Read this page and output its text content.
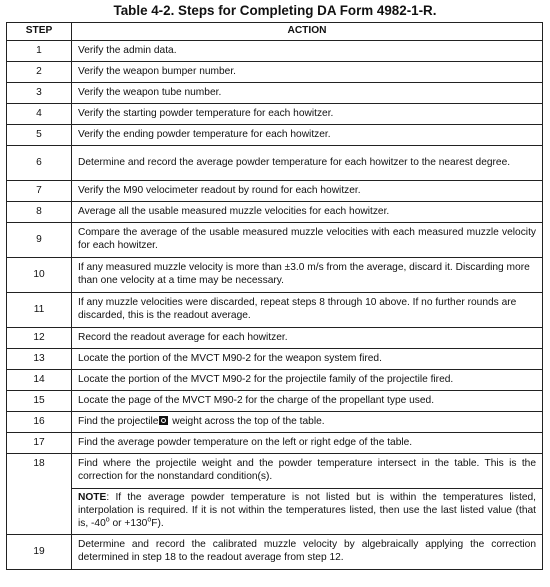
Table 4-2. Steps for Completing DA Form 4982-1-R.
STEP	ACTION
1	Verify the admin data.
2	Verify the weapon bumper number.
3	Verify the weapon tube number.
4	Verify the starting powder temperature for each howitzer.
5	Verify the ending powder temperature for each howitzer.
6	Determine and record the average powder temperature for each howitzer to the nearest degree.
7	Verify the M90 velocimeter readout by round for each howitzer.
8	Average all the usable measured muzzle velocities for each howitzer.
9	Compare the average of the usable measured muzzle velocities with each measured muzzle velocity for each howitzer.
10	If any measured muzzle velocity is more than ±3.0 m/s from the average, discard it. Discarding more than one velocity at a time may be necessary.
11	If any muzzle velocities were discarded, repeat steps 8 through 10 above. If no further rounds are discarded, this is the readout average.
12	Record the readout average for each howitzer.
13	Locate the portion of the MVCT M90-2 for the weapon system fired.
14	Locate the portion of the MVCT M90-2 for the projectile family of the projectile fired.
15	Locate the page of the MVCT M90-2 for the charge of the propellant type used.
16	Find the projectile weight across the top of the table.
17	Find the average powder temperature on the left or right edge of the table.
18	Find where the projectile weight and the powder temperature intersect in the table. This is the correction for the nonstandard condition(s).
	NOTE: If the average powder temperature is not listed but is within the temperatures listed, interpolation is required. If it is not within the temperatures listed, then use the last listed value (that is, -40$^o$ or $+130^oF$).
19	Determine and record the calibrated muzzle velocity by algebraically applying the correction determined in step 18 to the readout average from step 12.
